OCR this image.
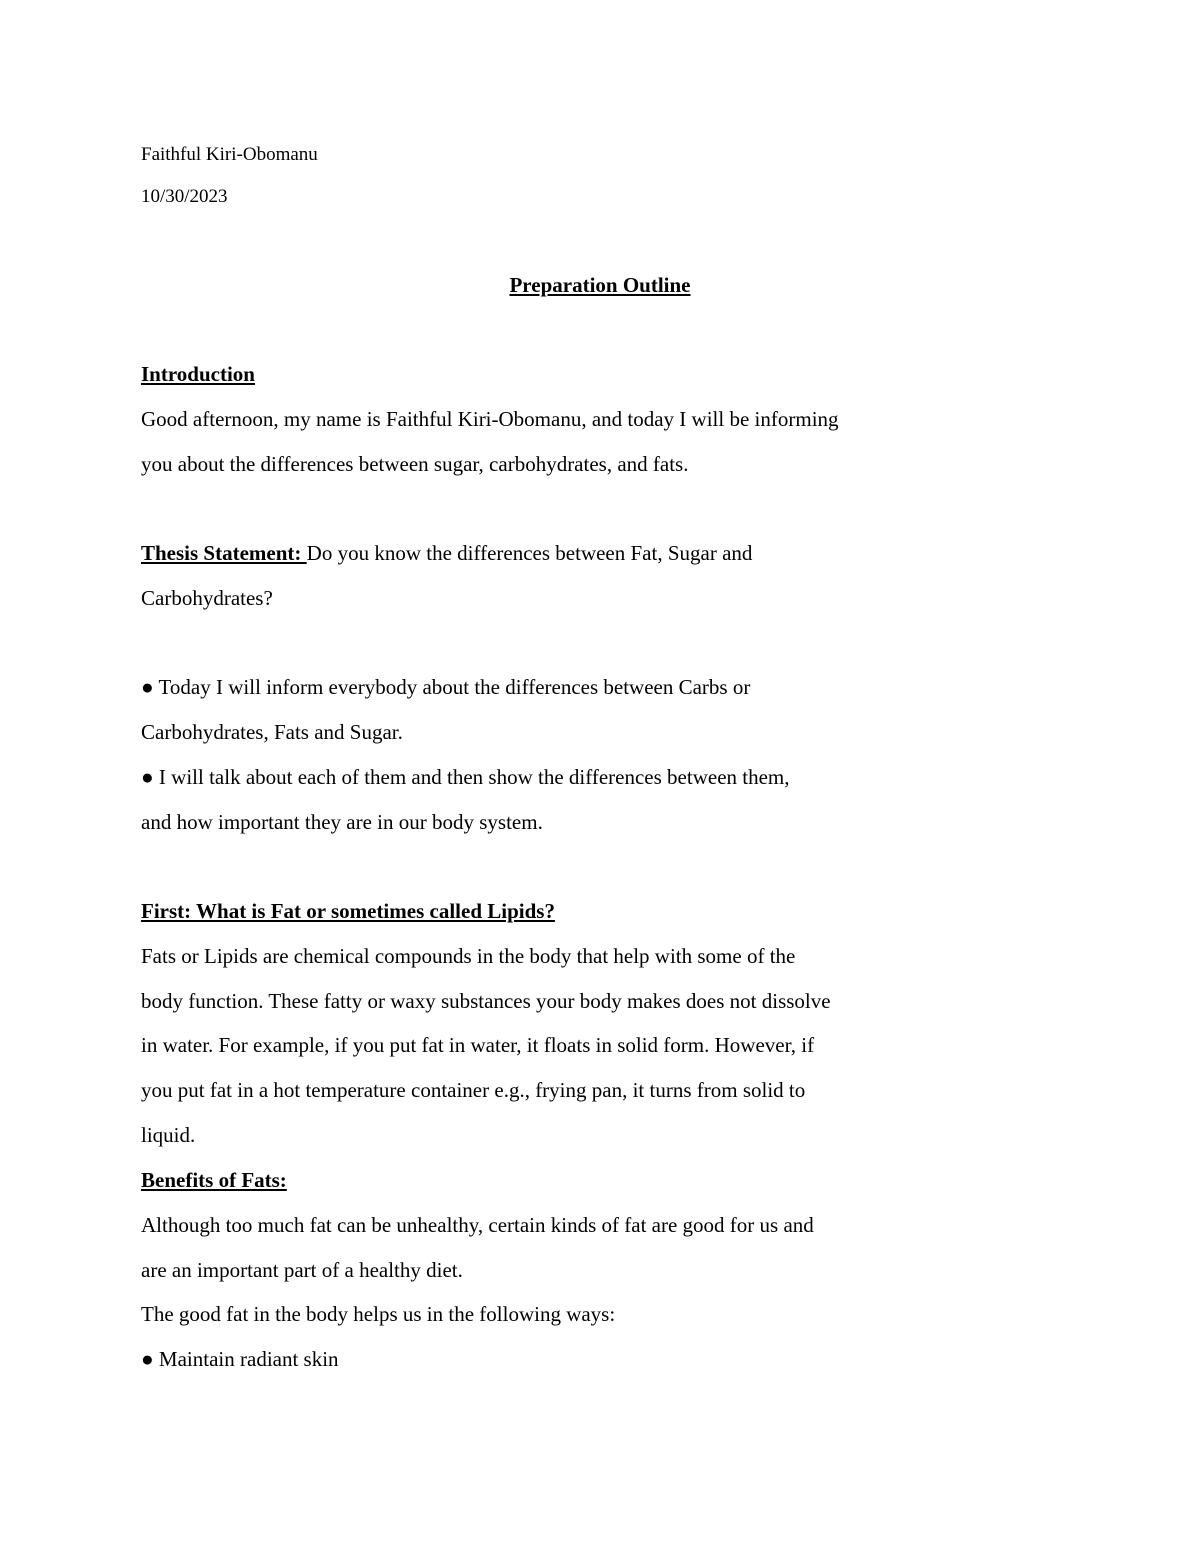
Faithful Kiri-Obomanu
10/30/2023
Preparation Outline
Introduction
Good afternoon, my name is Faithful Kiri-Obomanu, and today I will be informing
you about the differences between sugar, carbohydrates, and fats.
Thesis Statement: Do you know the differences between Fat, Sugar and
Carbohydrates?
● Today I will inform everybody about the differences between Carbs or
Carbohydrates, Fats and Sugar.
● I will talk about each of them and then show the differences between them,
and how important they are in our body system.
First: What is Fat or sometimes called Lipids?
Fats or Lipids are chemical compounds in the body that help with some of the
body function. These fatty or waxy substances your body makes does not dissolve
in water. For example, if you put fat in water, it floats in solid form. However, if
you put fat in a hot temperature container e.g., frying pan, it turns from solid to
liquid.
Benefits of Fats:
Although too much fat can be unhealthy, certain kinds of fat are good for us and
are an important part of a healthy diet.
The good fat in the body helps us in the following ways:
● Maintain radiant skin
